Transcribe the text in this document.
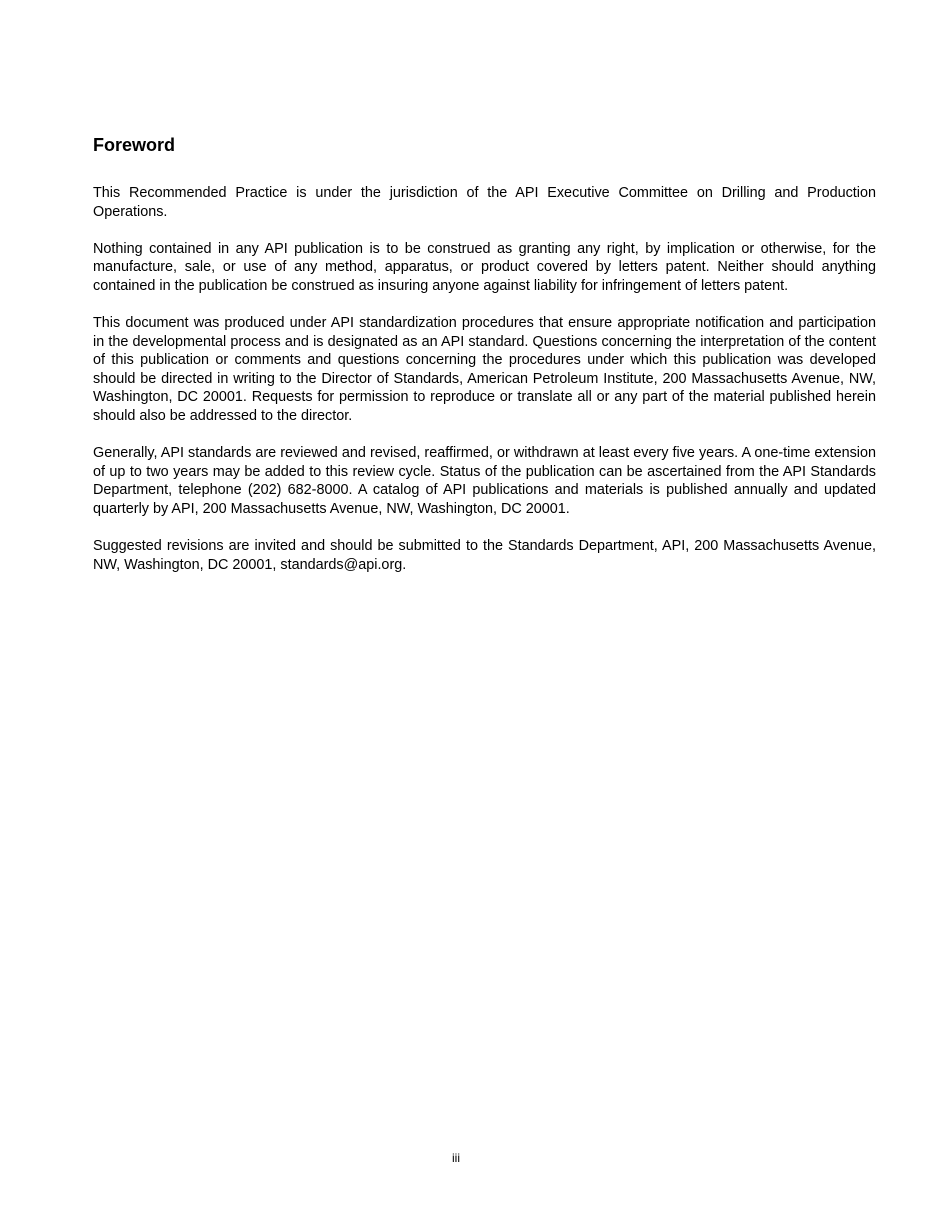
Foreword

This Recommended Practice is under the jurisdiction of the API Executive Committee on Drilling and Production Operations.

Nothing contained in any API publication is to be construed as granting any right, by implication or otherwise, for the manufacture, sale, or use of any method, apparatus, or product covered by letters patent. Neither should anything contained in the publication be construed as insuring anyone against liability for infringement of letters patent.

This document was produced under API standardization procedures that ensure appropriate notification and participation in the developmental process and is designated as an API standard. Questions concerning the interpretation of the content of this publication or comments and questions concerning the procedures under which this publication was developed should be directed in writing to the Director of Standards, American Petroleum Institute, 200 Massachusetts Avenue, NW, Washington, DC 20001. Requests for permission to reproduce or translate all or any part of the material published herein should also be addressed to the director.

Generally, API standards are reviewed and revised, reaffirmed, or withdrawn at least every five years. A one-time extension of up to two years may be added to this review cycle. Status of the publication can be ascertained from the API Standards Department, telephone (202) 682-8000. A catalog of API publications and materials is published annually and updated quarterly by API, 200 Massachusetts Avenue, NW, Washington, DC 20001.

Suggested revisions are invited and should be submitted to the Standards Department, API, 200 Massachusetts Avenue, NW, Washington, DC 20001, standards@api.org.

iii
